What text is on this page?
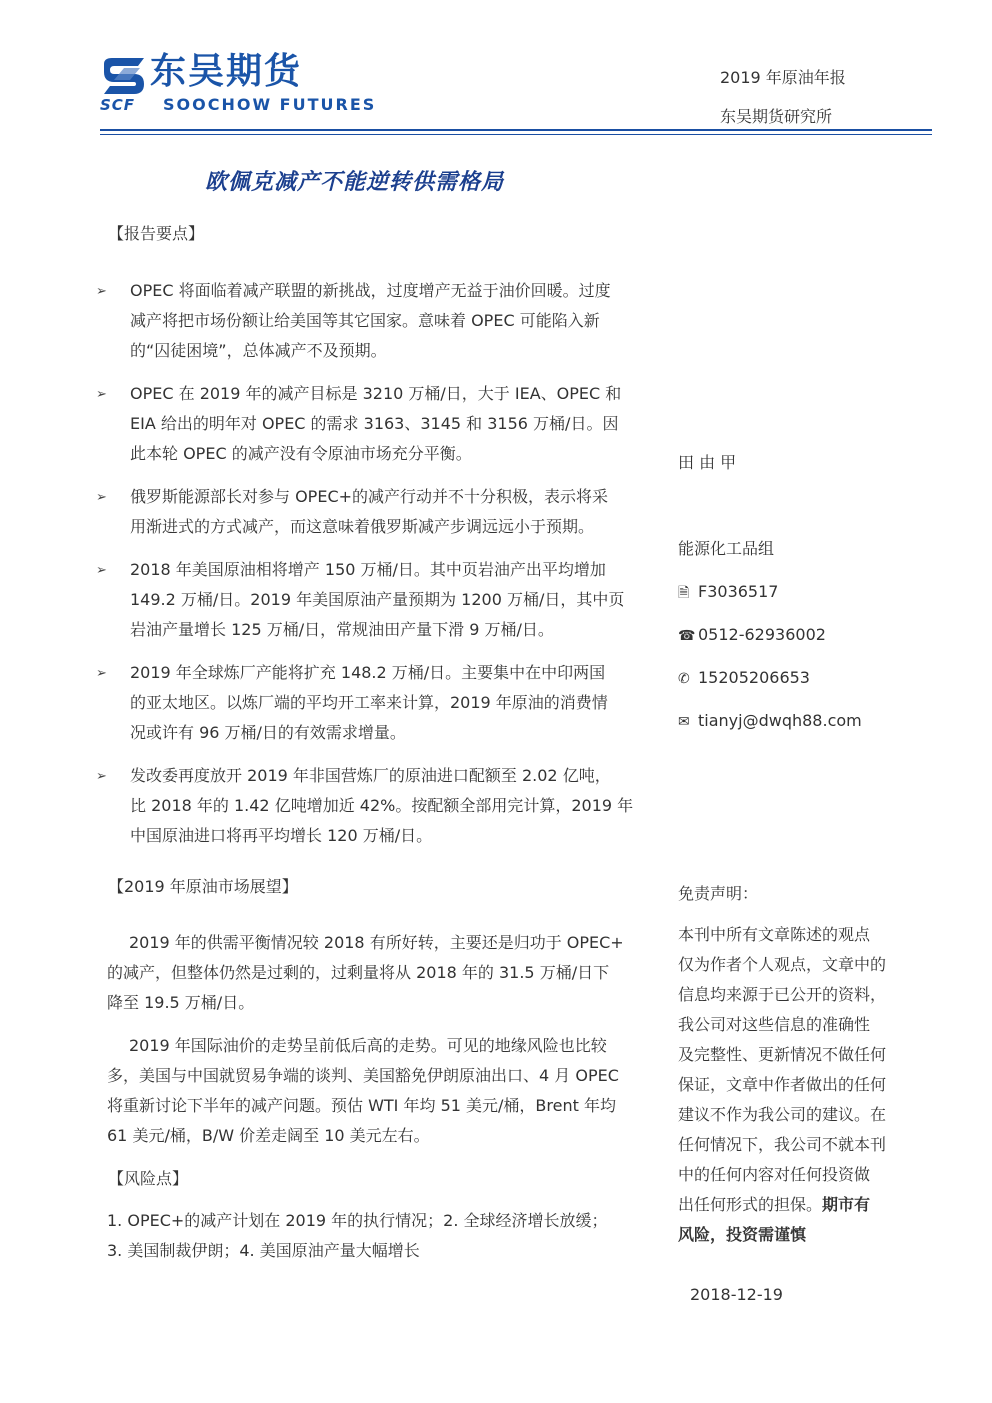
东吴期货
SCF SOOCHOW FUTURES
2019 年原油年报
东吴期货研究所
欧佩克减产不能逆转供需格局
【报告要点】
➢ OPEC 将面临着减产联盟的新挑战，过度增产无益于油价回暖。过度
减产将把市场份额让给美国等其它国家。意味着 OPEC 可能陷入新
的“囚徒困境”，总体减产不及预期。
➢ OPEC 在 2019 年的减产目标是 3210 万桶/日，大于 IEA、OPEC 和
EIA 给出的明年对 OPEC 的需求 3163、3145 和 3156 万桶/日。因
此本轮 OPEC 的减产没有令原油市场充分平衡。
➢ 俄罗斯能源部长对参与 OPEC+的减产行动并不十分积极，表示将采
用渐进式的方式减产，而这意味着俄罗斯减产步调远远小于预期。
➢ 2018 年美国原油相将增产 150 万桶/日。其中页岩油产出平均增加
149.2 万桶/日。2019 年美国原油产量预期为 1200 万桶/日，其中页
岩油产量增长 125 万桶/日，常规油田产量下滑 9 万桶/日。
➢ 2019 年全球炼厂产能将扩充 148.2 万桶/日。主要集中在中印两国
的亚太地区。以炼厂端的平均开工率来计算，2019 年原油的消费情
况或许有 96 万桶/日的有效需求增量。
➢ 发改委再度放开 2019 年非国营炼厂的原油进口配额至 2.02 亿吨，
比 2018 年的 1.42 亿吨增加近 42%。按配额全部用完计算，2019 年
中国原油进口将再平均增长 120 万桶/日。
【2019 年原油市场展望】
2019 年的供需平衡情况较 2018 有所好转，主要还是归功于 OPEC+
的减产，但整体仍然是过剩的，过剩量将从 2018 年的 31.5 万桶/日下
降至 19.5 万桶/日。
2019 年国际油价的走势呈前低后高的走势。可见的地缘风险也比较
多，美国与中国就贸易争端的谈判、美国豁免伊朗原油出口、4 月 OPEC
将重新讨论下半年的减产问题。预估 WTI 年均 51 美元/桶，Brent 年均
61 美元/桶，B/W 价差走阔至 10 美元左右。
【风险点】
1. OPEC+的减产计划在 2019 年的执行情况；2. 全球经济增长放缓；
3. 美国制裁伊朗；4. 美国原油产量大幅增长
田 由 甲
能源化工品组
🗎 F3036517
☎ 0512-62936002
✆ 15205206653
✉ tianyj@dwqh88.com
免责声明：
本刊中所有文章陈述的观点
仅为作者个人观点，文章中的
信息均来源于已公开的资料，
我公司对这些信息的准确性
及完整性、更新情况不做任何
保证，文章中作者做出的任何
建议不作为我公司的建议。在
任何情况下，我公司不就本刊
中的任何内容对任何投资做
出任何形式的担保。期市有
风险，投资需谨慎
2018-12-19
